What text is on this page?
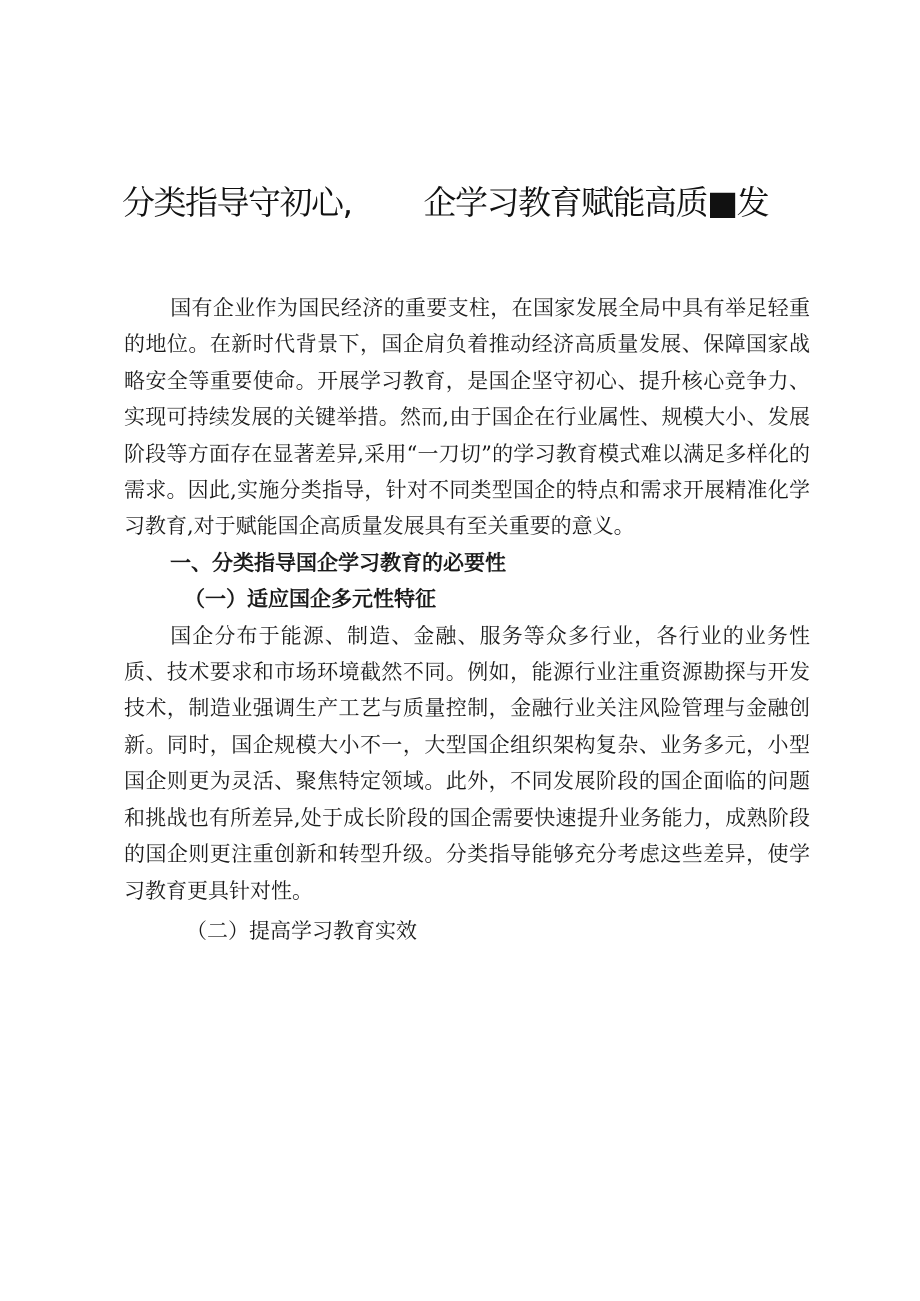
分类指导守初心, 企学习教育赋能高质■发

国有企业作为国民经济的重要支柱，在国家发展全局中具有举足轻重的地位。在新时代背景下，国企肩负着推动经济高质量发展、保障国家战略安全等重要使命。开展学习教育，是国企坚守初心、提升核心竞争力、实现可持续发展的关键举措。然而,由于国企在行业属性、规模大小、发展阶段等方面存在显著差异,采用“一刀切”的学习教育模式难以满足多样化的需求。因此,实施分类指导，针对不同类型国企的特点和需求开展精准化学习教育,对于赋能国企高质量发展具有至关重要的意义。

一、分类指导国企学习教育的必要性

（一）适应国企多元性特征

国企分布于能源、制造、金融、服务等众多行业，各行业的业务性质、技术要求和市场环境截然不同。例如，能源行业注重资源勘探与开发技术，制造业强调生产工艺与质量控制，金融行业关注风险管理与金融创新。同时，国企规模大小不一，大型国企组织架构复杂、业务多元，小型国企则更为灵活、聚焦特定领域。此外，不同发展阶段的国企面临的问题和挑战也有所差异,处于成长阶段的国企需要快速提升业务能力，成熟阶段的国企则更注重创新和转型升级。分类指导能够充分考虑这些差异，使学习教育更具针对性。

（二）提高学习教育实效
